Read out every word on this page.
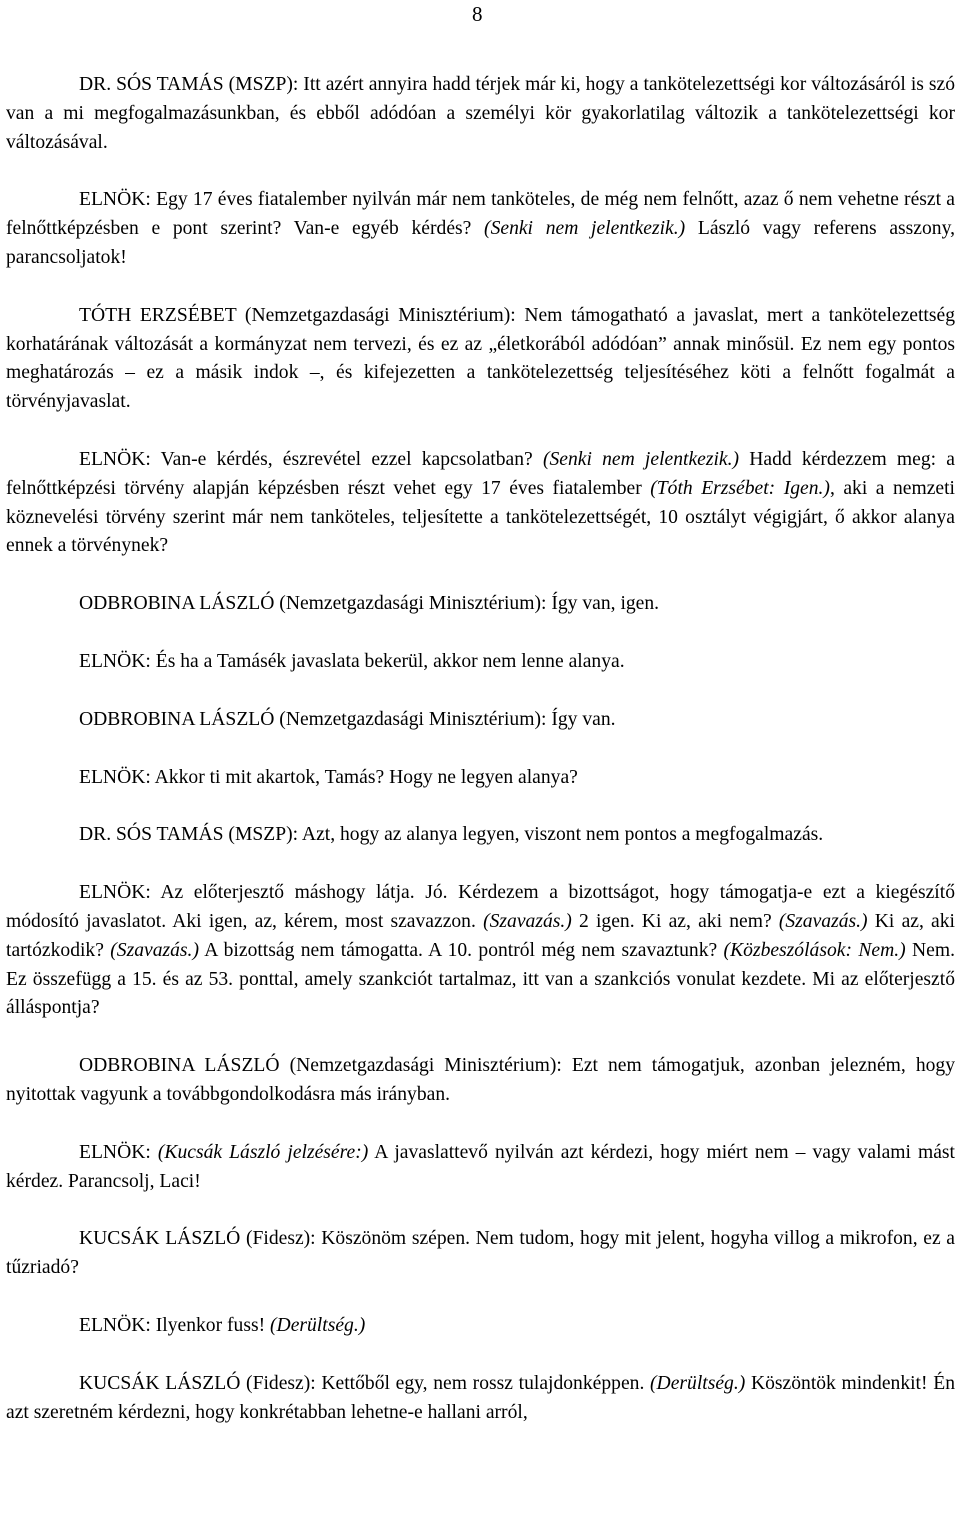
8

DR. SÓS TAMÁS (MSZP): Itt azért annyira hadd térjek már ki, hogy a tankötelezettségi kor változásáról is szó van a mi megfogalmazásunkban, és ebből adódóan a személyi kör gyakorlatilag változik a tankötelezettségi kor változásával.

ELNÖK: Egy 17 éves fiatalember nyilván már nem tanköteles, de még nem felnőtt, azaz ő nem vehetne részt a felnőttképzésben e pont szerint? Van-e egyéb kérdés? (Senki nem jelentkezik.) László vagy referens asszony, parancsoljatok!

TÓTH ERZSÉBET (Nemzetgazdasági Minisztérium): Nem támogatható a javaslat, mert a tankötelezettség korhatárának változását a kormányzat nem tervezi, és ez az „életkorából adódóan” annak minősül. Ez nem egy pontos meghatározás – ez a másik indok –, és kifejezetten a tankötelezettség teljesítéséhez köti a felnőtt fogalmát a törvényjavaslat.

ELNÖK: Van-e kérdés, észrevétel ezzel kapcsolatban? (Senki nem jelentkezik.) Hadd kérdezzem meg: a felnőttképzési törvény alapján képzésben részt vehet egy 17 éves fiatalember (Tóth Erzsébet: Igen.), aki a nemzeti köznevelési törvény szerint már nem tanköteles, teljesítette a tankötelezettségét, 10 osztályt végigjárt, ő akkor alanya ennek a törvénynek?

ODBROBINA LÁSZLÓ (Nemzetgazdasági Minisztérium): Így van, igen.

ELNÖK: És ha a Tamásék javaslata bekerül, akkor nem lenne alanya.

ODBROBINA LÁSZLÓ (Nemzetgazdasági Minisztérium): Így van.

ELNÖK: Akkor ti mit akartok, Tamás? Hogy ne legyen alanya?

DR. SÓS TAMÁS (MSZP): Azt, hogy az alanya legyen, viszont nem pontos a megfogalmazás.

ELNÖK: Az előterjesztő máshogy látja. Jó. Kérdezem a bizottságot, hogy támogatja-e ezt a kiegészítő módosító javaslatot. Aki igen, az, kérem, most szavazzon. (Szavazás.) 2 igen. Ki az, aki nem? (Szavazás.) Ki az, aki tartózkodik? (Szavazás.) A bizottság nem támogatta. A 10. pontról még nem szavaztunk? (Közbeszólások: Nem.) Nem. Ez összefügg a 15. és az 53. ponttal, amely szankciót tartalmaz, itt van a szankciós vonulat kezdete. Mi az előterjesztő álláspontja?

ODBROBINA LÁSZLÓ (Nemzetgazdasági Minisztérium): Ezt nem támogatjuk, azonban jelezném, hogy nyitottak vagyunk a továbbgondolkodásra más irányban.

ELNÖK: (Kucsák László jelzésére:) A javaslattevő nyilván azt kérdezi, hogy miért nem – vagy valami mást kérdez. Parancsolj, Laci!

KUCSÁK LÁSZLÓ (Fidesz): Köszönöm szépen. Nem tudom, hogy mit jelent, hogyha villog a mikrofon, ez a tűzriadó?

ELNÖK: Ilyenkor fuss! (Derültség.)

KUCSÁK LÁSZLÓ (Fidesz): Kettőből egy, nem rossz tulajdonképpen. (Derültség.) Köszöntök mindenkit! Én azt szeretném kérdezni, hogy konkrétabban lehetne-e hallani arról,
